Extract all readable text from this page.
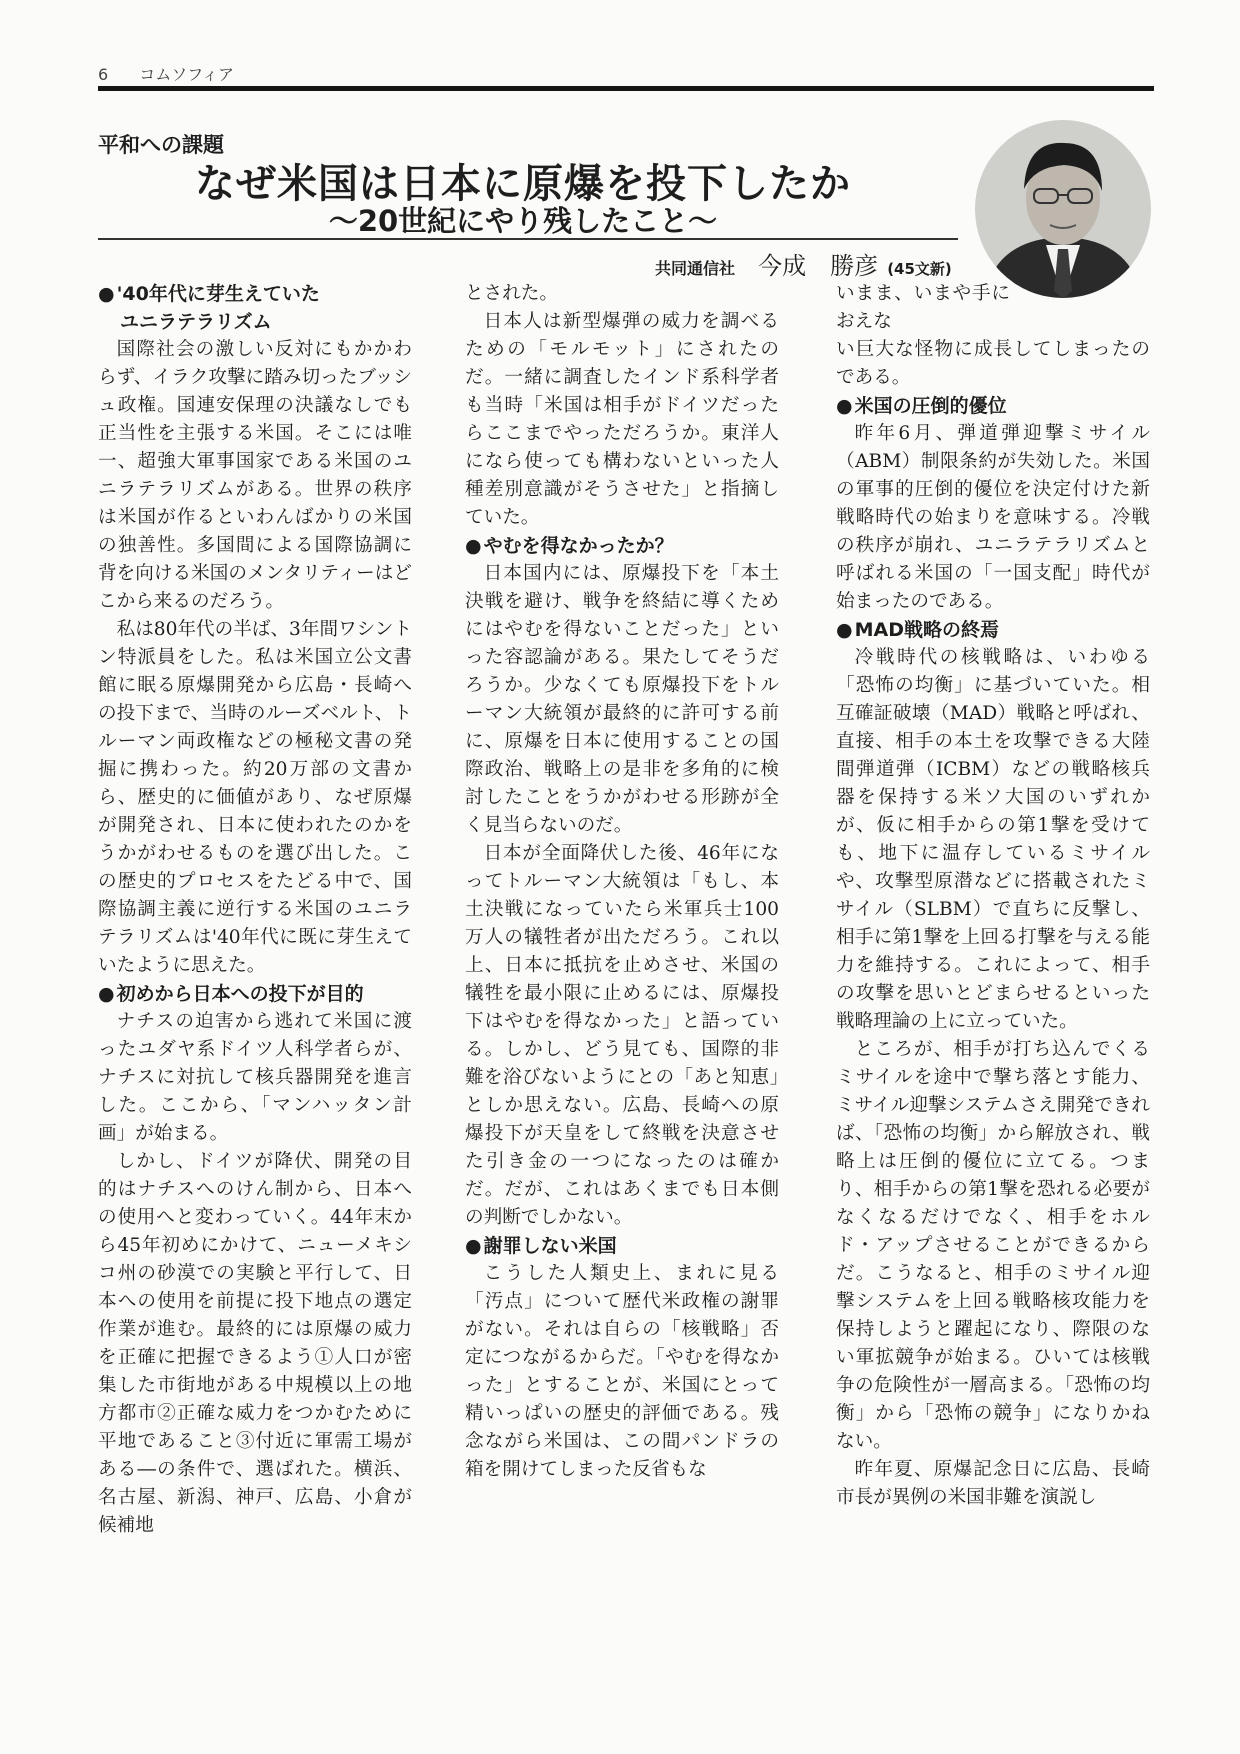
6 コムソフィア
平和への課題
なぜ米国は日本に原爆を投下したか
～20世紀にやり残したこと～
共同通信社 今成　勝彦 (45文新)
● '40年代に芽生えていた
ユニラテラリズム

国際社会の激しい反対にもかかわらず、イラク攻撃に踏み切ったブッシュ政権。国連安保理の決議なしでも正当性を主張する米国。そこには唯一、超強大軍事国家である米国のユニラテラリズムがある。世界の秩序は米国が作るといわんばかりの米国の独善性。多国間による国際協調に背を向ける米国のメンタリティーはどこから来るのだろう。

私は80年代の半ば、3年間ワシントン特派員をした。私は米国立公文書館に眠る原爆開発から広島・長崎への投下まで、当時のルーズベルト、トルーマン両政権などの極秘文書の発掘に携わった。約20万部の文書から、歴史的に価値があり、なぜ原爆が開発され、日本に使われたのかをうかがわせるものを選び出した。この歴史的プロセスをたどる中で、国際協調主義に逆行する米国のユニラテラリズムは'40年代に既に芽生えていたように思えた。

● 初めから日本への投下が目的

ナチスの迫害から逃れて米国に渡ったユダヤ系ドイツ人科学者らが、ナチスに対抗して核兵器開発を進言した。ここから、「マンハッタン計画」が始まる。

しかし、ドイツが降伏、開発の目的はナチスへのけん制から、日本への使用へと変わっていく。44年末から45年初めにかけて、ニューメキシコ州の砂漠での実験と平行して、日本への使用を前提に投下地点の選定作業が進む。最終的には原爆の威力を正確に把握できるよう①人口が密集した市街地がある中規模以上の地方都市②正確な威力をつかむために平地であること③付近に軍需工場がある―の条件で、選ばれた。横浜、名古屋、新潟、神戸、広島、小倉が候補地

とされた。

日本人は新型爆弾の威力を調べるための「モルモット」にされたのだ。一緒に調査したインド系科学者も当時「米国は相手がドイツだったらここまでやっただろうか。東洋人になら使っても構わないといった人種差別意識がそうさせた」と指摘していた。

● やむを得なかったか？

日本国内には、原爆投下を「本土決戦を避け、戦争を終結に導くためにはやむを得ないことだった」といった容認論がある。果たしてそうだろうか。少なくても原爆投下をトルーマン大統領が最終的に許可する前に、原爆を日本に使用することの国際政治、戦略上の是非を多角的に検討したことをうかがわせる形跡が全く見当らないのだ。

日本が全面降伏した後、46年になってトルーマン大統領は「もし、本土決戦になっていたら米軍兵士100万人の犠牲者が出ただろう。これ以上、日本に抵抗を止めさせ、米国の犠牲を最小限に止めるには、原爆投下はやむを得なかった」と語っている。しかし、どう見ても、国際的非難を浴びないようにとの「あと知恵」としか思えない。広島、長崎への原爆投下が天皇をして終戦を決意させた引き金の一つになったのは確かだ。だが、これはあくまでも日本側の判断でしかない。

● 謝罪しない米国

こうした人類史上、まれに見る「汚点」について歴代米政権の謝罪がない。それは自らの「核戦略」否定につながるからだ。「やむを得なかった」とすることが、米国にとって精いっぱいの歴史的評価である。残念ながら米国は、この間パンドラの箱を開けてしまった反省もな

いまま、いまや手におえな

い巨大な怪物に成長してしまったのである。

● 米国の圧倒的優位

昨年6月、弾道弾迎撃ミサイル（ABM）制限条約が失効した。米国の軍事的圧倒的優位を決定付けた新戦略時代の始まりを意味する。冷戦の秩序が崩れ、ユニラテラリズムと呼ばれる米国の「一国支配」時代が始まったのである。

● MAD戦略の終焉

冷戦時代の核戦略は、いわゆる「恐怖の均衡」に基づいていた。相互確証破壊（MAD）戦略と呼ばれ、直接、相手の本土を攻撃できる大陸間弾道弾（ICBM）などの戦略核兵器を保持する米ソ大国のいずれかが、仮に相手からの第1撃を受けても、地下に温存しているミサイルや、攻撃型原潜などに搭載されたミサイル（SLBM）で直ちに反撃し、相手に第1撃を上回る打撃を与える能力を維持する。これによって、相手の攻撃を思いとどまらせるといった戦略理論の上に立っていた。

ところが、相手が打ち込んでくるミサイルを途中で撃ち落とす能力、ミサイル迎撃システムさえ開発できれば、「恐怖の均衡」から解放され、戦略上は圧倒的優位に立てる。つまり、相手からの第1撃を恐れる必要がなくなるだけでなく、相手をホルド・アップさせることができるからだ。こうなると、相手のミサイル迎撃システムを上回る戦略核攻能力を保持しようと躍起になり、際限のない軍拡競争が始まる。ひいては核戦争の危険性が一層高まる。「恐怖の均衡」から「恐怖の競争」になりかねない。

昨年夏、原爆記念日に広島、長崎市長が異例の米国非難を演説し
